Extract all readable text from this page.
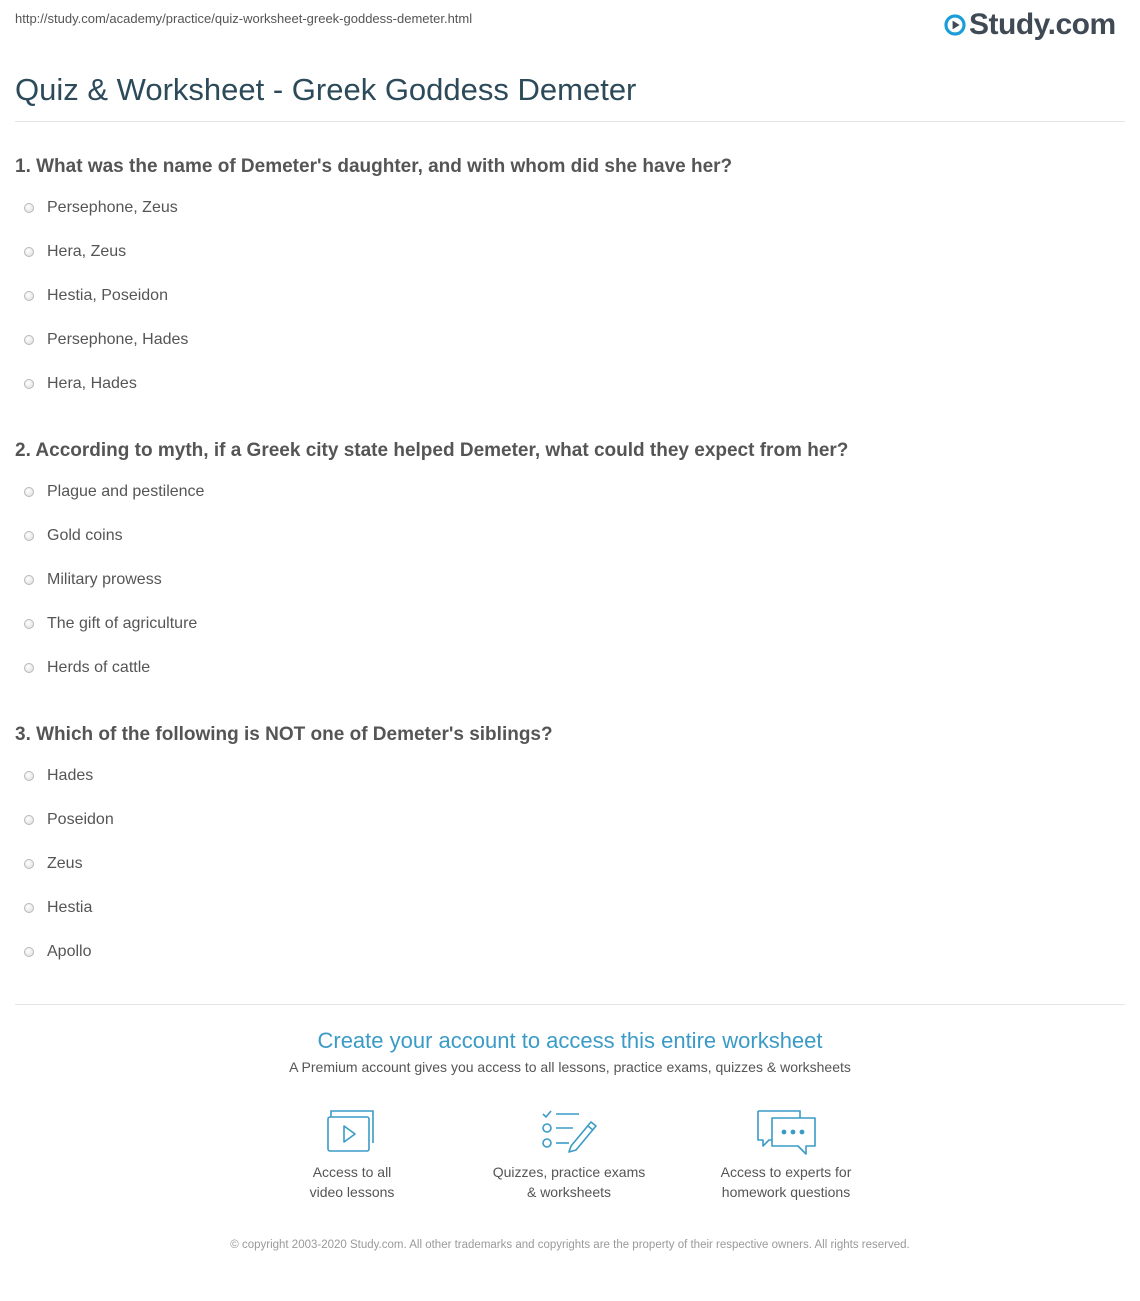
http://study.com/academy/practice/quiz-worksheet-greek-goddess-demeter.html	Study.com
Quiz & Worksheet - Greek Goddess Demeter

1. What was the name of Demeter's daughter, and with whom did she have her?

Persephone, Zeus
Hera, Zeus
Hestia, Poseidon
Persephone, Hades
Hera, Hades

2. According to myth, if a Greek city state helped Demeter, what could they expect from her?

Plague and pestilence
Gold coins
Military prowess
The gift of agriculture
Herds of cattle

3. Which of the following is NOT one of Demeter's siblings?

Hades
Poseidon
Zeus
Hestia
Apollo
Create your account to access this entire worksheet
A Premium account gives you access to all lessons, practice exams, quizzes & worksheets
Access to all
video lessons
Quizzes, practice exams
& worksheets
Access to experts for
homework questions
© copyright 2003-2020 Study.com. All other trademarks and copyrights are the property of their respective owners. All rights reserved.
